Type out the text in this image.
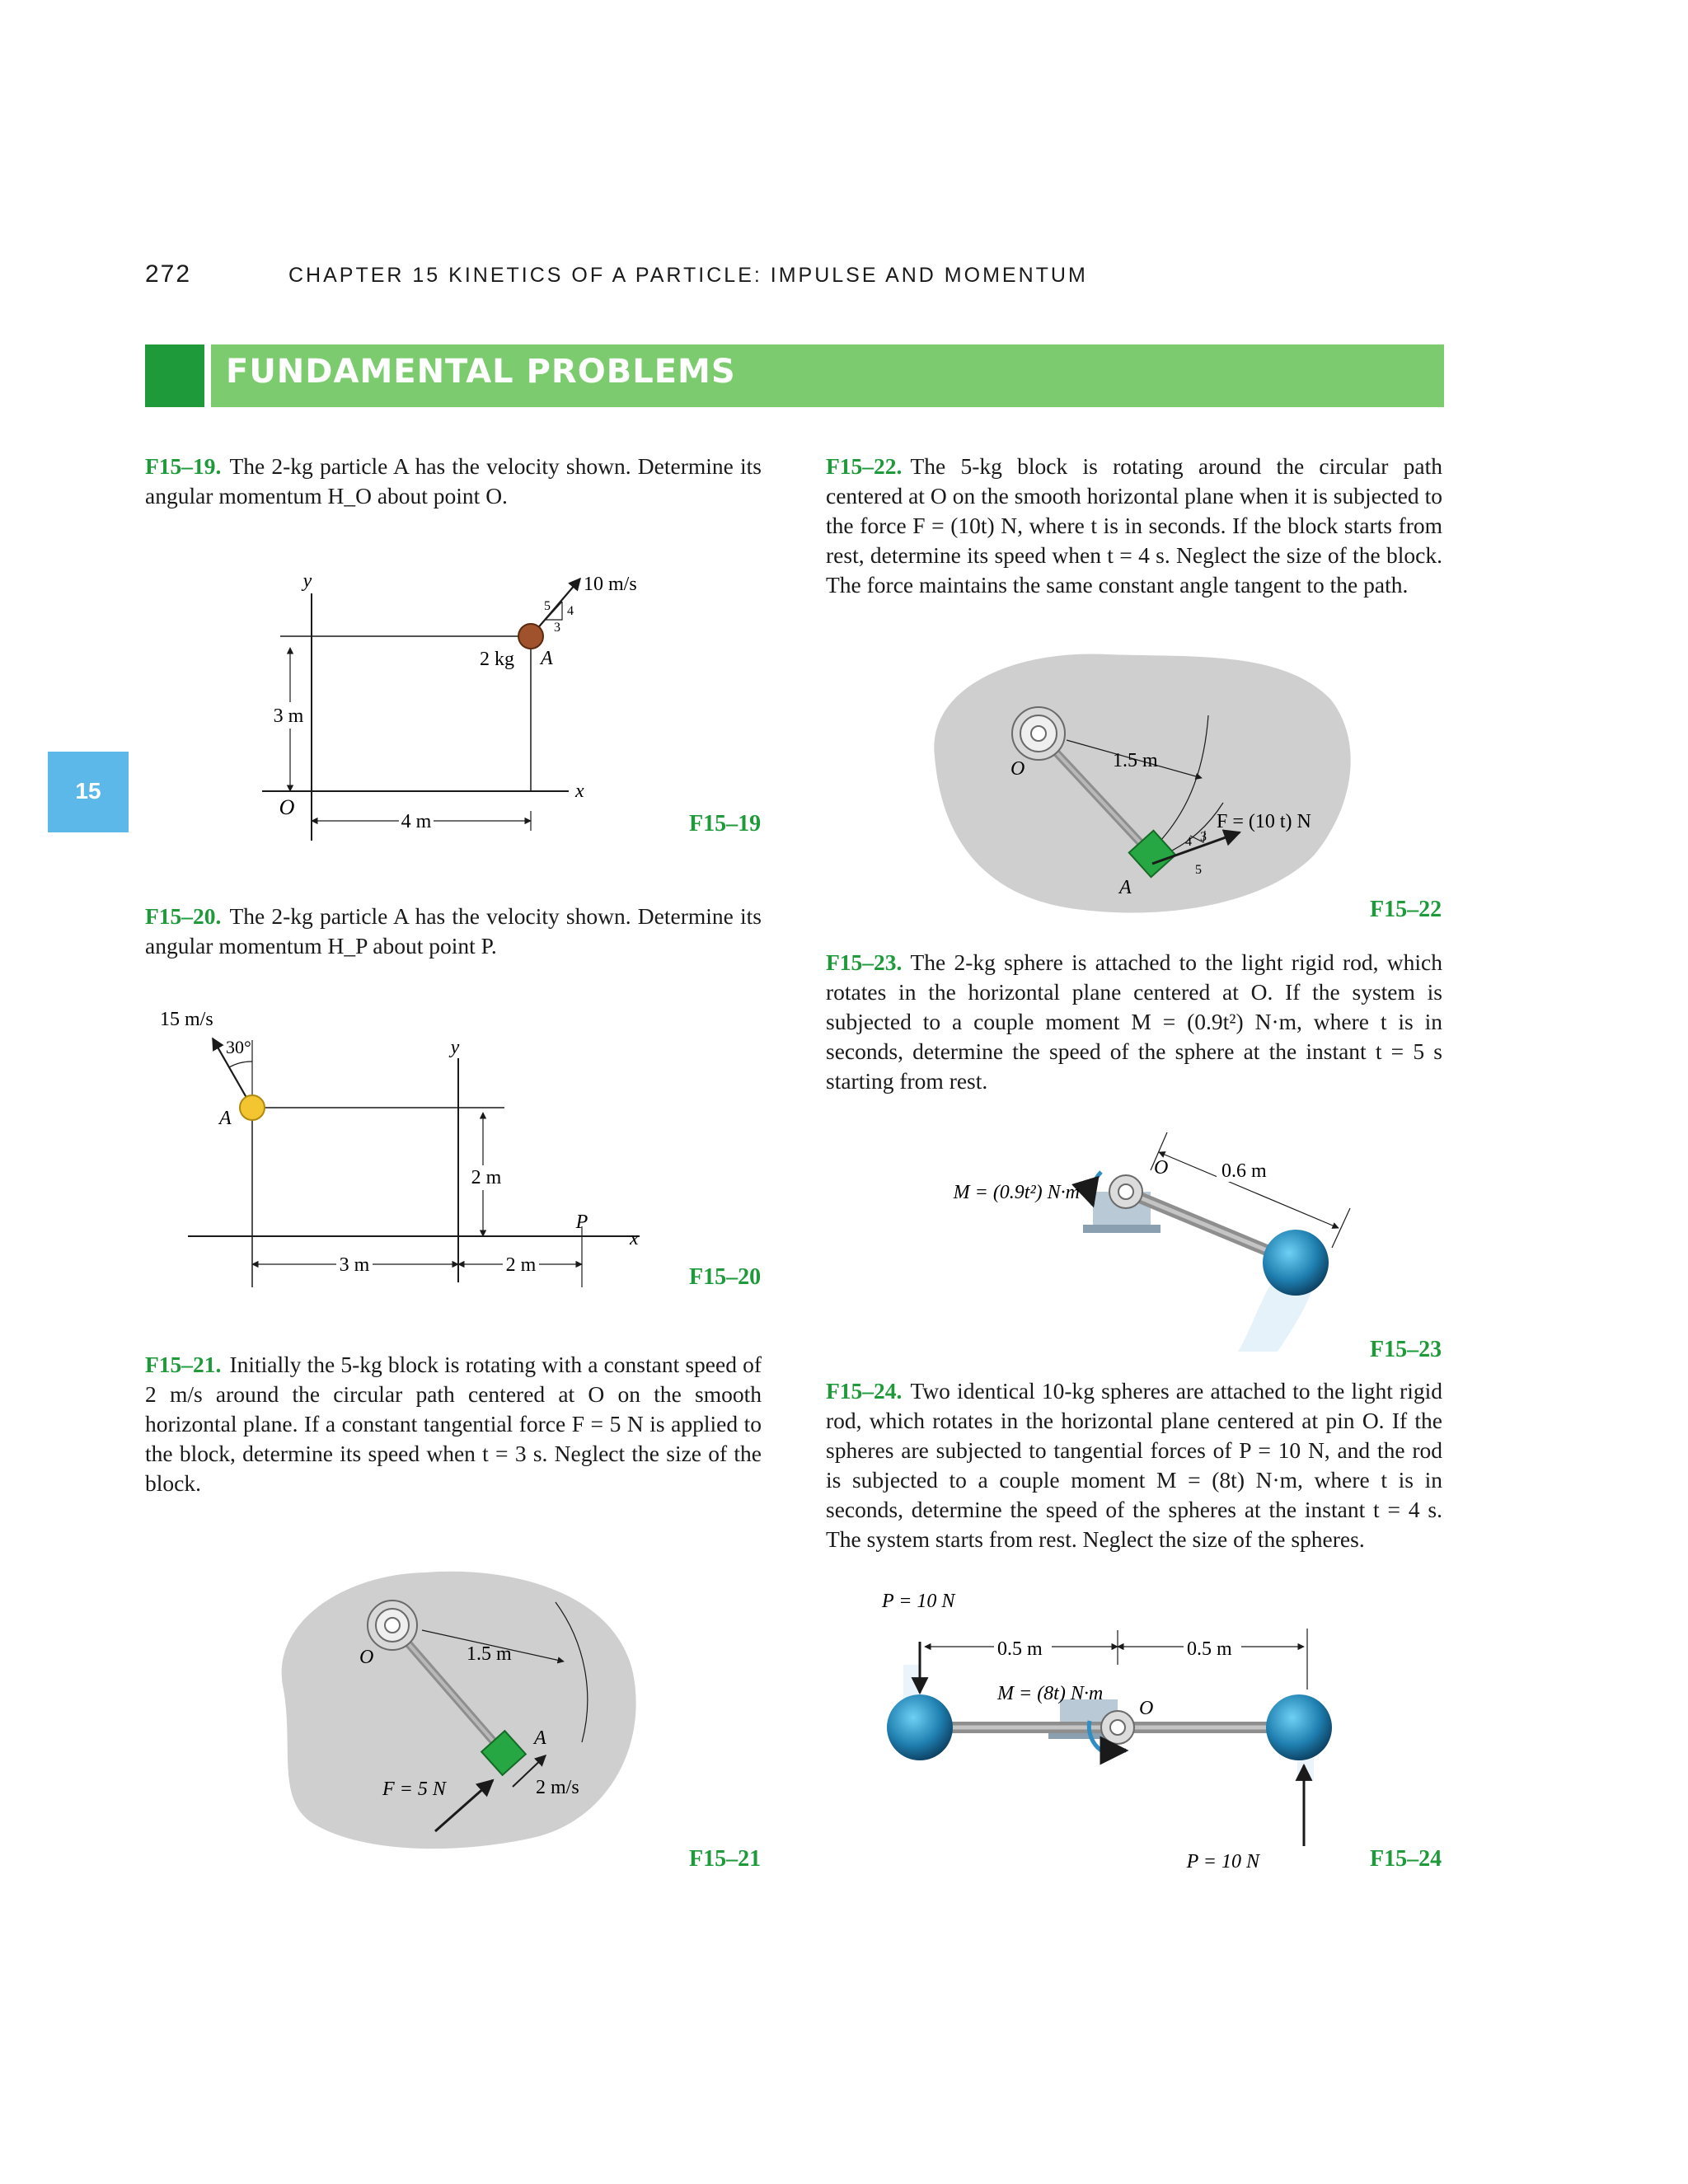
272	CHAPTER 15 KINETICS OF A PARTICLE: IMPULSE AND MOMENTUM
FUNDAMENTAL PROBLEMS
15
F15–19. The 2-kg particle A has the velocity shown. Determine its angular momentum H_O about point O.
y
x
O
A
2 kg
10 m/s
5 4
3
3 m
4 m	F15–19
F15–20. The 2-kg particle A has the velocity shown. Determine its angular momentum H_P about point P.
15 m/s
30°
A
y
x
P
2 m
3 m	2 m	F15–20
F15–21. Initially the 5-kg block is rotating with a constant speed of 2 m/s around the circular path centered at O on the smooth horizontal plane. If a constant tangential force F = 5 N is applied to the block, determine its speed when t = 3 s. Neglect the size of the block.
O	1.5 m
A
F = 5 N	2 m/s
F15–21
F15–22. The 5-kg block is rotating around the circular path centered at O on the smooth horizontal plane when it is subjected to the force F = (10t) N, where t is in seconds. If the block starts from rest, determine its speed when t = 4 s. Neglect the size of the block. The force maintains the same constant angle tangent to the path.
O	1.5 m
A
F = (10 t) N
4 3
5
F15–22
F15–23. The 2-kg sphere is attached to the light rigid rod, which rotates in the horizontal plane centered at O. If the system is subjected to a couple moment M = (0.9t²) N·m, where t is in seconds, determine the speed of the sphere at the instant t = 5 s starting from rest.
M = (0.9t²) N·m
O	0.6 m
F15–23
F15–24. Two identical 10-kg spheres are attached to the light rigid rod, which rotates in the horizontal plane centered at pin O. If the spheres are subjected to tangential forces of P = 10 N, and the rod is subjected to a couple moment M = (8t) N·m, where t is in seconds, determine the speed of the spheres at the instant t = 4 s. The system starts from rest. Neglect the size of the spheres.
P = 10 N
P = 10 N
0.5 m	0.5 m
M = (8t) N·m
O
F15–24
